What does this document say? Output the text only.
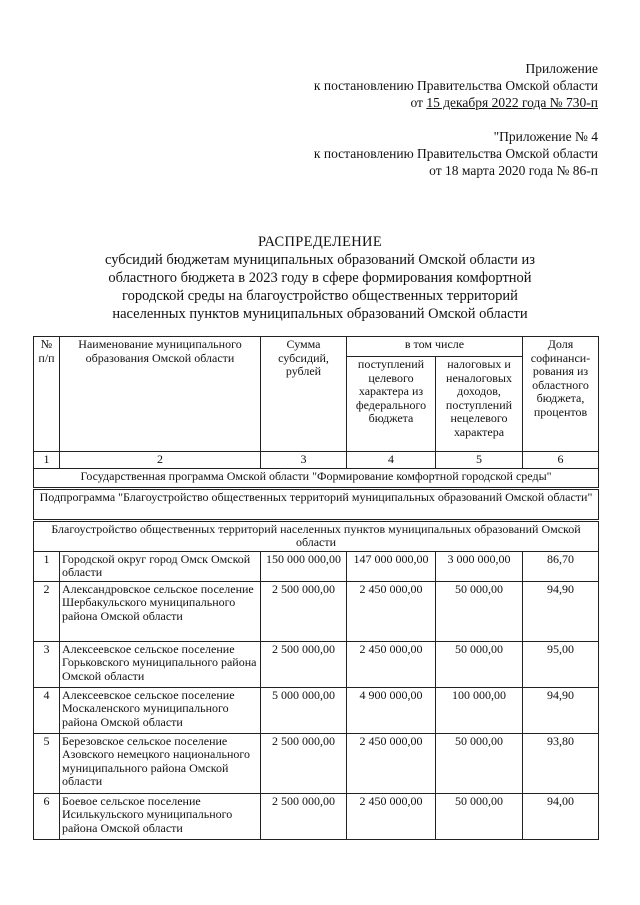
Приложение
к постановлению Правительства Омской области
от 15 декабря 2022 года № 730-п
"Приложение № 4
к постановлению Правительства Омской области
от 18 марта 2020 года № 86-п
РАСПРЕДЕЛЕНИЕ
субсидий бюджетам муниципальных образований Омской области из
областного бюджета в 2023 году в сфере формирования комфортной
городской среды на благоустройство общественных территорий
населенных пунктов муниципальных образований Омской области
№ п/п	Наименование муниципального образования Омской области	Сумма субсидий, рублей	в том числе		Доля софинанси-рования из областного бюджета, процентов
			поступлений целевого характера из федерального бюджета	налоговых и неналоговых доходов, поступлений нецелевого характера	
1	2	3	4	5	6
Государственная программа Омской области "Формирование комфортной городской среды"					
Подпрограмма "Благоустройство общественных территорий муниципальных образований Омской области"					
Благоустройство общественных территорий населенных пунктов муниципальных образований Омской области					
1	Городской округ город Омск Омской области	150 000 000,00	147 000 000,00	3 000 000,00	86,70
2	Александровское сельское поселение Шербакульского муниципального района Омской области	2 500 000,00	2 450 000,00	50 000,00	94,90
3	Алексеевское сельское поселение Горьковского муниципального района Омской области	2 500 000,00	2 450 000,00	50 000,00	95,00
4	Алексеевское сельское поселение Москаленского муниципального района Омской области	5 000 000,00	4 900 000,00	100 000,00	94,90
5	Березовское сельское поселение Азовского немецкого национального муниципального района Омской области	2 500 000,00	2 450 000,00	50 000,00	93,80
6	Боевое сельское поселение Исилькульского муниципального района Омской области	2 500 000,00	2 450 000,00	50 000,00	94,00
